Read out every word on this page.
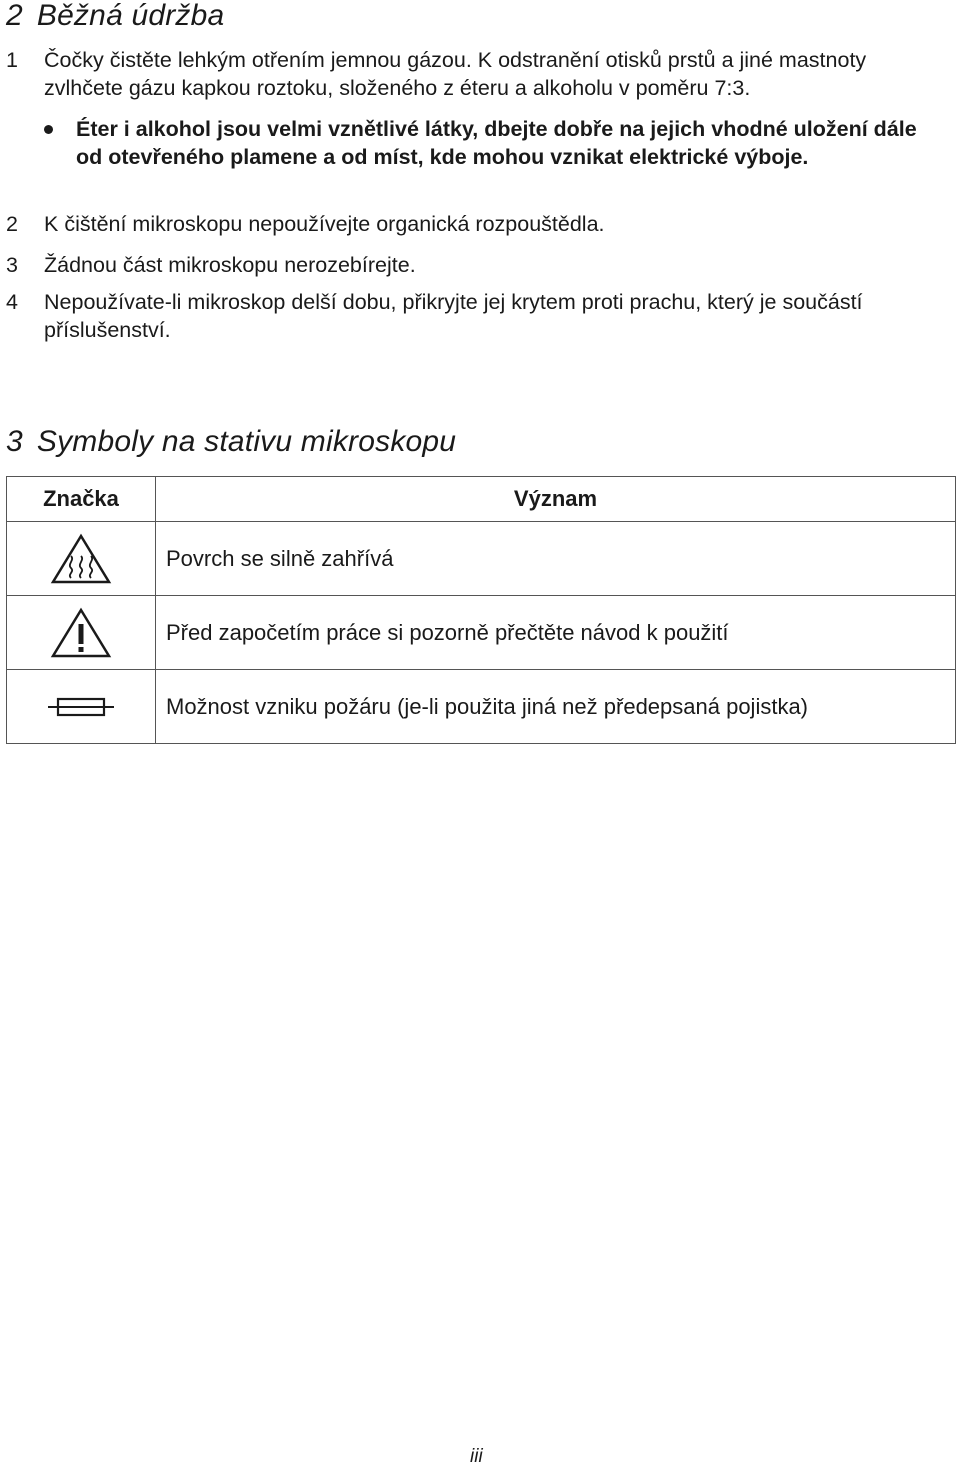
2 Běžná údržba
1 Čočky čistěte lehkým otřením jemnou gázou. K odstranění otisků prstů a jiné mastnoty zvlhčete gázu kapkou roztoku, složeného z éteru a alkoholu v poměru 7:3.
Éter i alkohol jsou velmi vznětlivé látky, dbejte dobře na jejich vhodné uložení dále od otevřeného plamene a od míst, kde mohou vznikat elektrické výboje.
2 K čištění mikroskopu nepoužívejte organická rozpouštědla.
3 Žádnou část mikroskopu nerozebírejte.
4 Nepoužívate-li mikroskop delší dobu, přikryjte jej krytem proti prachu, který je součástí příslušenství.
3 Symboly na stativu mikroskopu
Značka	Význam

	Povrch se silně zahřívá

	Před započetím práce si pozorně přečtěte návod k použití

	Možnost vzniku požáru (je-li použita jiná než předepsaná pojistka)
iii
